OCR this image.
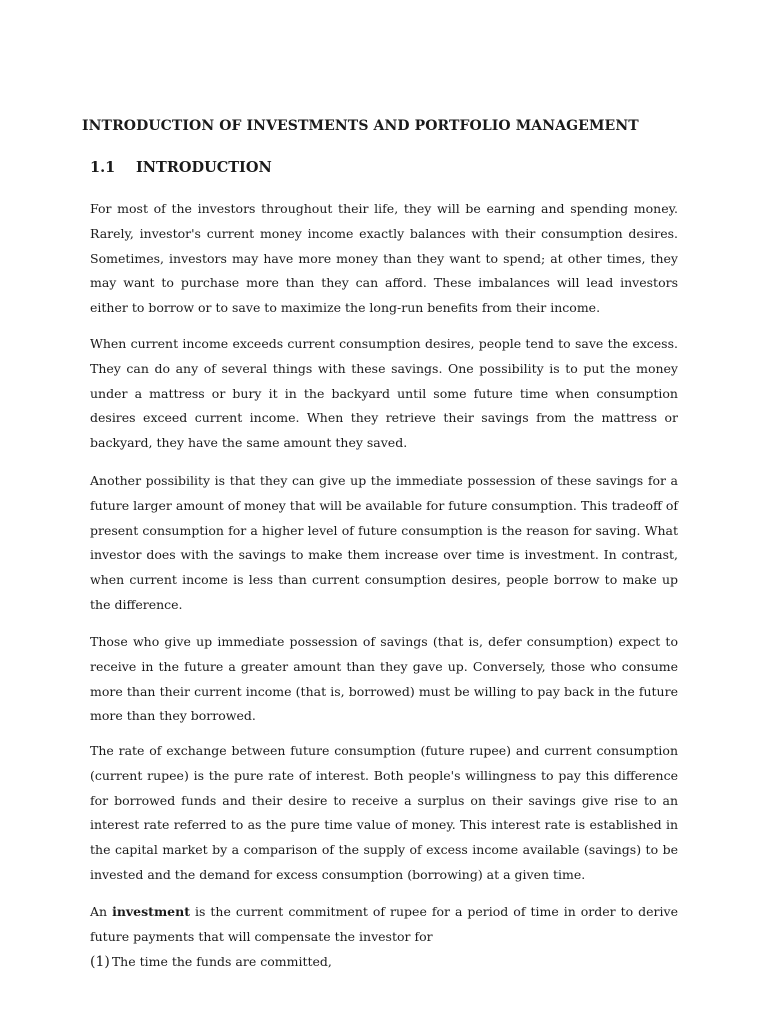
INTRODUCTION OF INVESTMENTS AND PORTFOLIO MANAGEMENT
1.1 INTRODUCTION

For most of the investors throughout their life, they will be earning and spending money. Rarely, investor's current money income exactly balances with their consumption desires. Sometimes, investors may have more money than they want to spend; at other times, they may want to purchase more than they can afford. These imbalances will lead investors either to borrow or to save to maximize the long-run benefits from their income.

When current income exceeds current consumption desires, people tend to save the excess. They can do any of several things with these savings. One possibility is to put the money under a mattress or bury it in the backyard until some future time when consumption desires exceed current income. When they retrieve their savings from the mattress or backyard, they have the same amount they saved.

Another possibility is that they can give up the immediate possession of these savings for a future larger amount of money that will be available for future consumption. This tradeoff of present consumption for a higher level of future consumption is the reason for saving. What investor does with the savings to make them increase over time is investment. In contrast, when current income is less than current consumption desires, people borrow to make up the difference.

Those who give up immediate possession of savings (that is, defer consumption) expect to receive in the future a greater amount than they gave up. Conversely, those who consume more than their current income (that is, borrowed) must be willing to pay back in the future more than they borrowed.

The rate of exchange between future consumption (future rupee) and current consumption (current rupee) is the pure rate of interest. Both people's willingness to pay this difference for borrowed funds and their desire to receive a surplus on their savings give rise to an interest rate referred to as the pure time value of money. This interest rate is established in the capital market by a comparison of the supply of excess income available (savings) to be invested and the demand for excess consumption (borrowing) at a given time.

An investment is the current commitment of rupee for a period of time in order to derive future payments that will compensate the investor for

(1) The time the funds are committed,
